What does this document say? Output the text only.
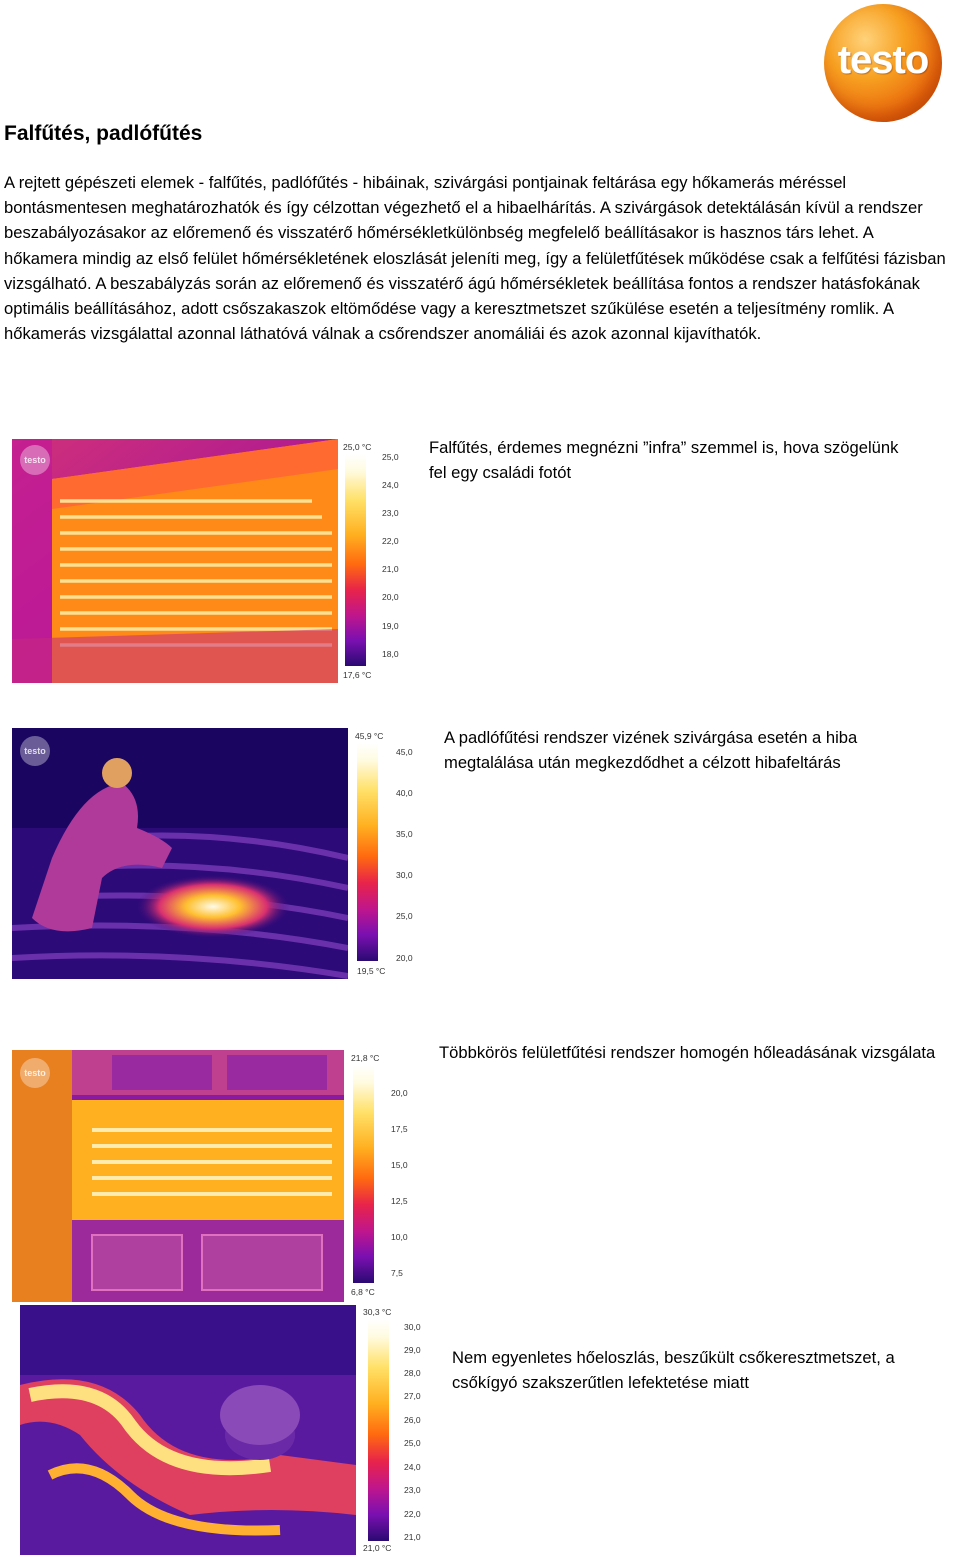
testo
Falfűtés, padlófűtés

A rejtett gépészeti elemek - falfűtés, padlófűtés - hibáinak, szivárgási pontjainak feltárása egy hőkamerás méréssel bontásmentesen meghatározhatók és így célzottan végezhető el a hibaelhárítás. A szivárgások detektálásán kívül a rendszer beszabályozásakor az előremenő és visszatérő hőmérsékletkülönbség megfelelő beállításakor is hasznos társ lehet. A hőkamera mindig az első felület hőmérsékletének eloszlását jeleníti meg, így a felületfűtések működése csak a felfűtési fázisban vizsgálható. A beszabályzás során az előremenő és visszatérő ágú hőmérsékletek beállítása fontos a rendszer hatásfokának optimális beállításához, adott csőszakaszok eltömődése vagy a keresztmetszet szűkülése esetén a teljesítmény romlik. A hőkamerás vizsgálattal azonnal láthatóvá válnak a csőrendszer anomáliái és azok azonnal kijavíthatók.

testo
25,0 °C
25,0
24,0
23,0
22,0
21,0
20,0
19,0
18,0
17,6 °C

Falfűtés, érdemes megnézni ”infra” szemmel is, hova szögelünk fel egy családi fotót

testo
45,9 °C
45,0
40,0
35,0
30,0
25,0
20,0
19,5 °C

A padlófűtési rendszer vizének szivárgása esetén a hiba megtalálása után megkezdődhet a célzott hibafeltárás

testo
21,8 °C
20,0
17,5
15,0
12,5
10,0
7,5
6,8 °C

Többkörös felületfűtési rendszer homogén hőleadásának vizsgálata

30,3 °C
30,0
29,0
28,0
27,0
26,0
25,0
24,0
23,0
22,0
21,0
21,0 °C

Nem egyenletes hőeloszlás, beszűkült csőkeresztmetszet, a csőkígyó szakszerűtlen lefektetése miatt
